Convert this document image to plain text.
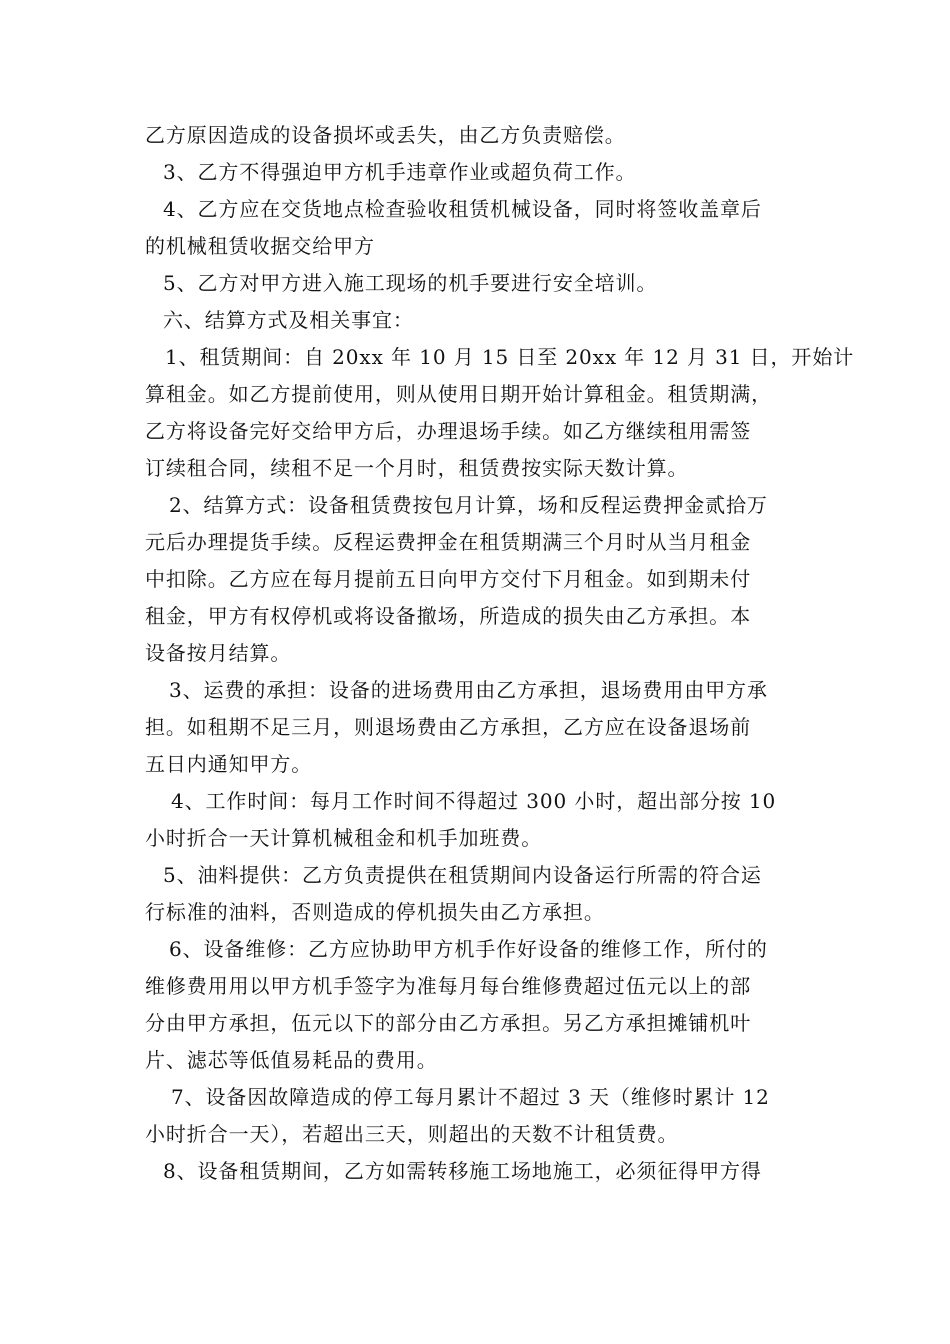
乙方原因造成的设备损坏或丢失，由乙方负责赔偿。
3、乙方不得强迫甲方机手违章作业或超负荷工作。
4、乙方应在交货地点检查验收租赁机械设备，同时将签收盖章后
的机械租赁收据交给甲方
5、乙方对甲方进入施工现场的机手要进行安全培训。
六、结算方式及相关事宜：
1、租赁期间：自 20xx 年 10 月 15 日至 20xx 年 12 月 31 日，开始计
算租金。如乙方提前使用，则从使用日期开始计算租金。租赁期满，
乙方将设备完好交给甲方后，办理退场手续。如乙方继续租用需签
订续租合同，续租不足一个月时，租赁费按实际天数计算。
2、结算方式：设备租赁费按包月计算，场和反程运费押金贰拾万
元后办理提货手续。反程运费押金在租赁期满三个月时从当月租金
中扣除。乙方应在每月提前五日向甲方交付下月租金。如到期未付
租金，甲方有权停机或将设备撤场，所造成的损失由乙方承担。本
设备按月结算。
3、运费的承担：设备的进场费用由乙方承担，退场费用由甲方承
担。如租期不足三月，则退场费由乙方承担，乙方应在设备退场前
五日内通知甲方。
4、工作时间：每月工作时间不得超过 300 小时，超出部分按 10
小时折合一天计算机械租金和机手加班费。
5、油料提供：乙方负责提供在租赁期间内设备运行所需的符合运
行标准的油料，否则造成的停机损失由乙方承担。
6、设备维修：乙方应协助甲方机手作好设备的维修工作，所付的
维修费用用以甲方机手签字为准每月每台维修费超过伍元以上的部
分由甲方承担，伍元以下的部分由乙方承担。另乙方承担摊铺机叶
片、滤芯等低值易耗品的费用。
7、设备因故障造成的停工每月累计不超过 3 天（维修时累计 12
小时折合一天），若超出三天，则超出的天数不计租赁费。
8、设备租赁期间，乙方如需转移施工场地施工，必须征得甲方得
